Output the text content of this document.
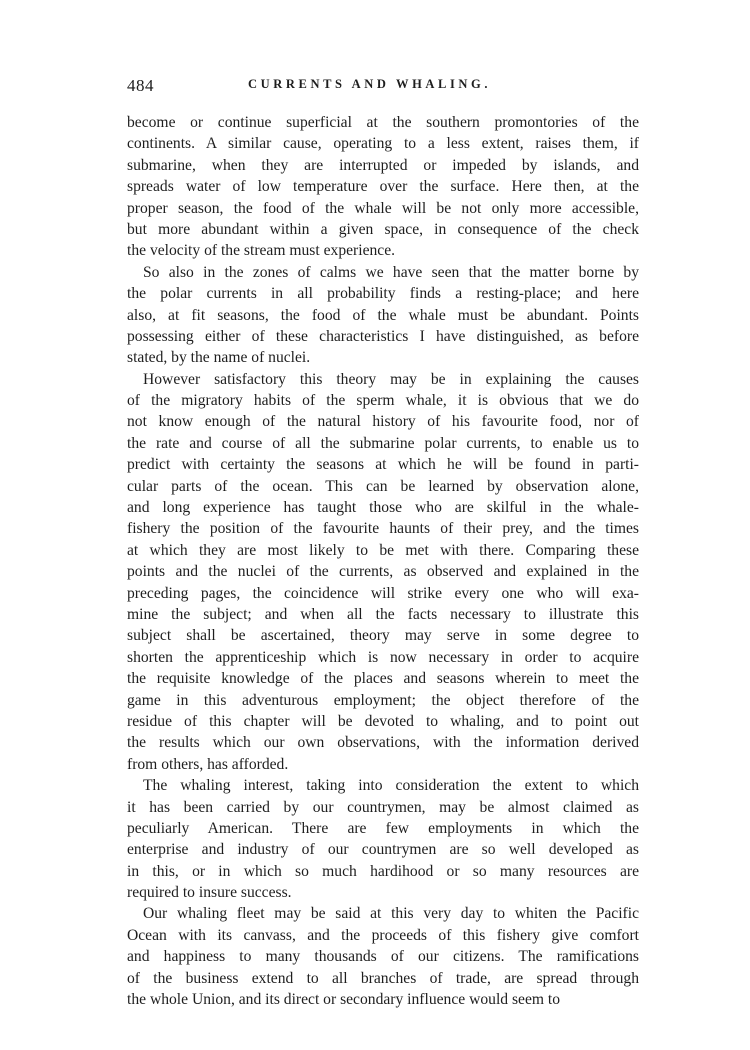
484	CURRENTS AND WHALING.
become or continue superficial at the southern promontories of the
continents. A similar cause, operating to a less extent, raises them, if
submarine, when they are interrupted or impeded by islands, and
spreads water of low temperature over the surface. Here then, at the
proper season, the food of the whale will be not only more accessible,
but more abundant within a given space, in consequence of the check
the velocity of the stream must experience.
So also in the zones of calms we have seen that the matter borne by
the polar currents in all probability finds a resting-place; and here
also, at fit seasons, the food of the whale must be abundant. Points
possessing either of these characteristics I have distinguished, as before
stated, by the name of nuclei.
However satisfactory this theory may be in explaining the causes
of the migratory habits of the sperm whale, it is obvious that we do
not know enough of the natural history of his favourite food, nor of
the rate and course of all the submarine polar currents, to enable us to
predict with certainty the seasons at which he will be found in parti-
cular parts of the ocean. This can be learned by observation alone,
and long experience has taught those who are skilful in the whale-
fishery the position of the favourite haunts of their prey, and the times
at which they are most likely to be met with there. Comparing these
points and the nuclei of the currents, as observed and explained in the
preceding pages, the coincidence will strike every one who will exa-
mine the subject; and when all the facts necessary to illustrate this
subject shall be ascertained, theory may serve in some degree to
shorten the apprenticeship which is now necessary in order to acquire
the requisite knowledge of the places and seasons wherein to meet the
game in this adventurous employment; the object therefore of the
residue of this chapter will be devoted to whaling, and to point out
the results which our own observations, with the information derived
from others, has afforded.
The whaling interest, taking into consideration the extent to which
it has been carried by our countrymen, may be almost claimed as
peculiarly American. There are few employments in which the
enterprise and industry of our countrymen are so well developed as
in this, or in which so much hardihood or so many resources are
required to insure success.
Our whaling fleet may be said at this very day to whiten the Pacific
Ocean with its canvass, and the proceeds of this fishery give comfort
and happiness to many thousands of our citizens. The ramifications
of the business extend to all branches of trade, are spread through
the whole Union, and its direct or secondary influence would seem to
